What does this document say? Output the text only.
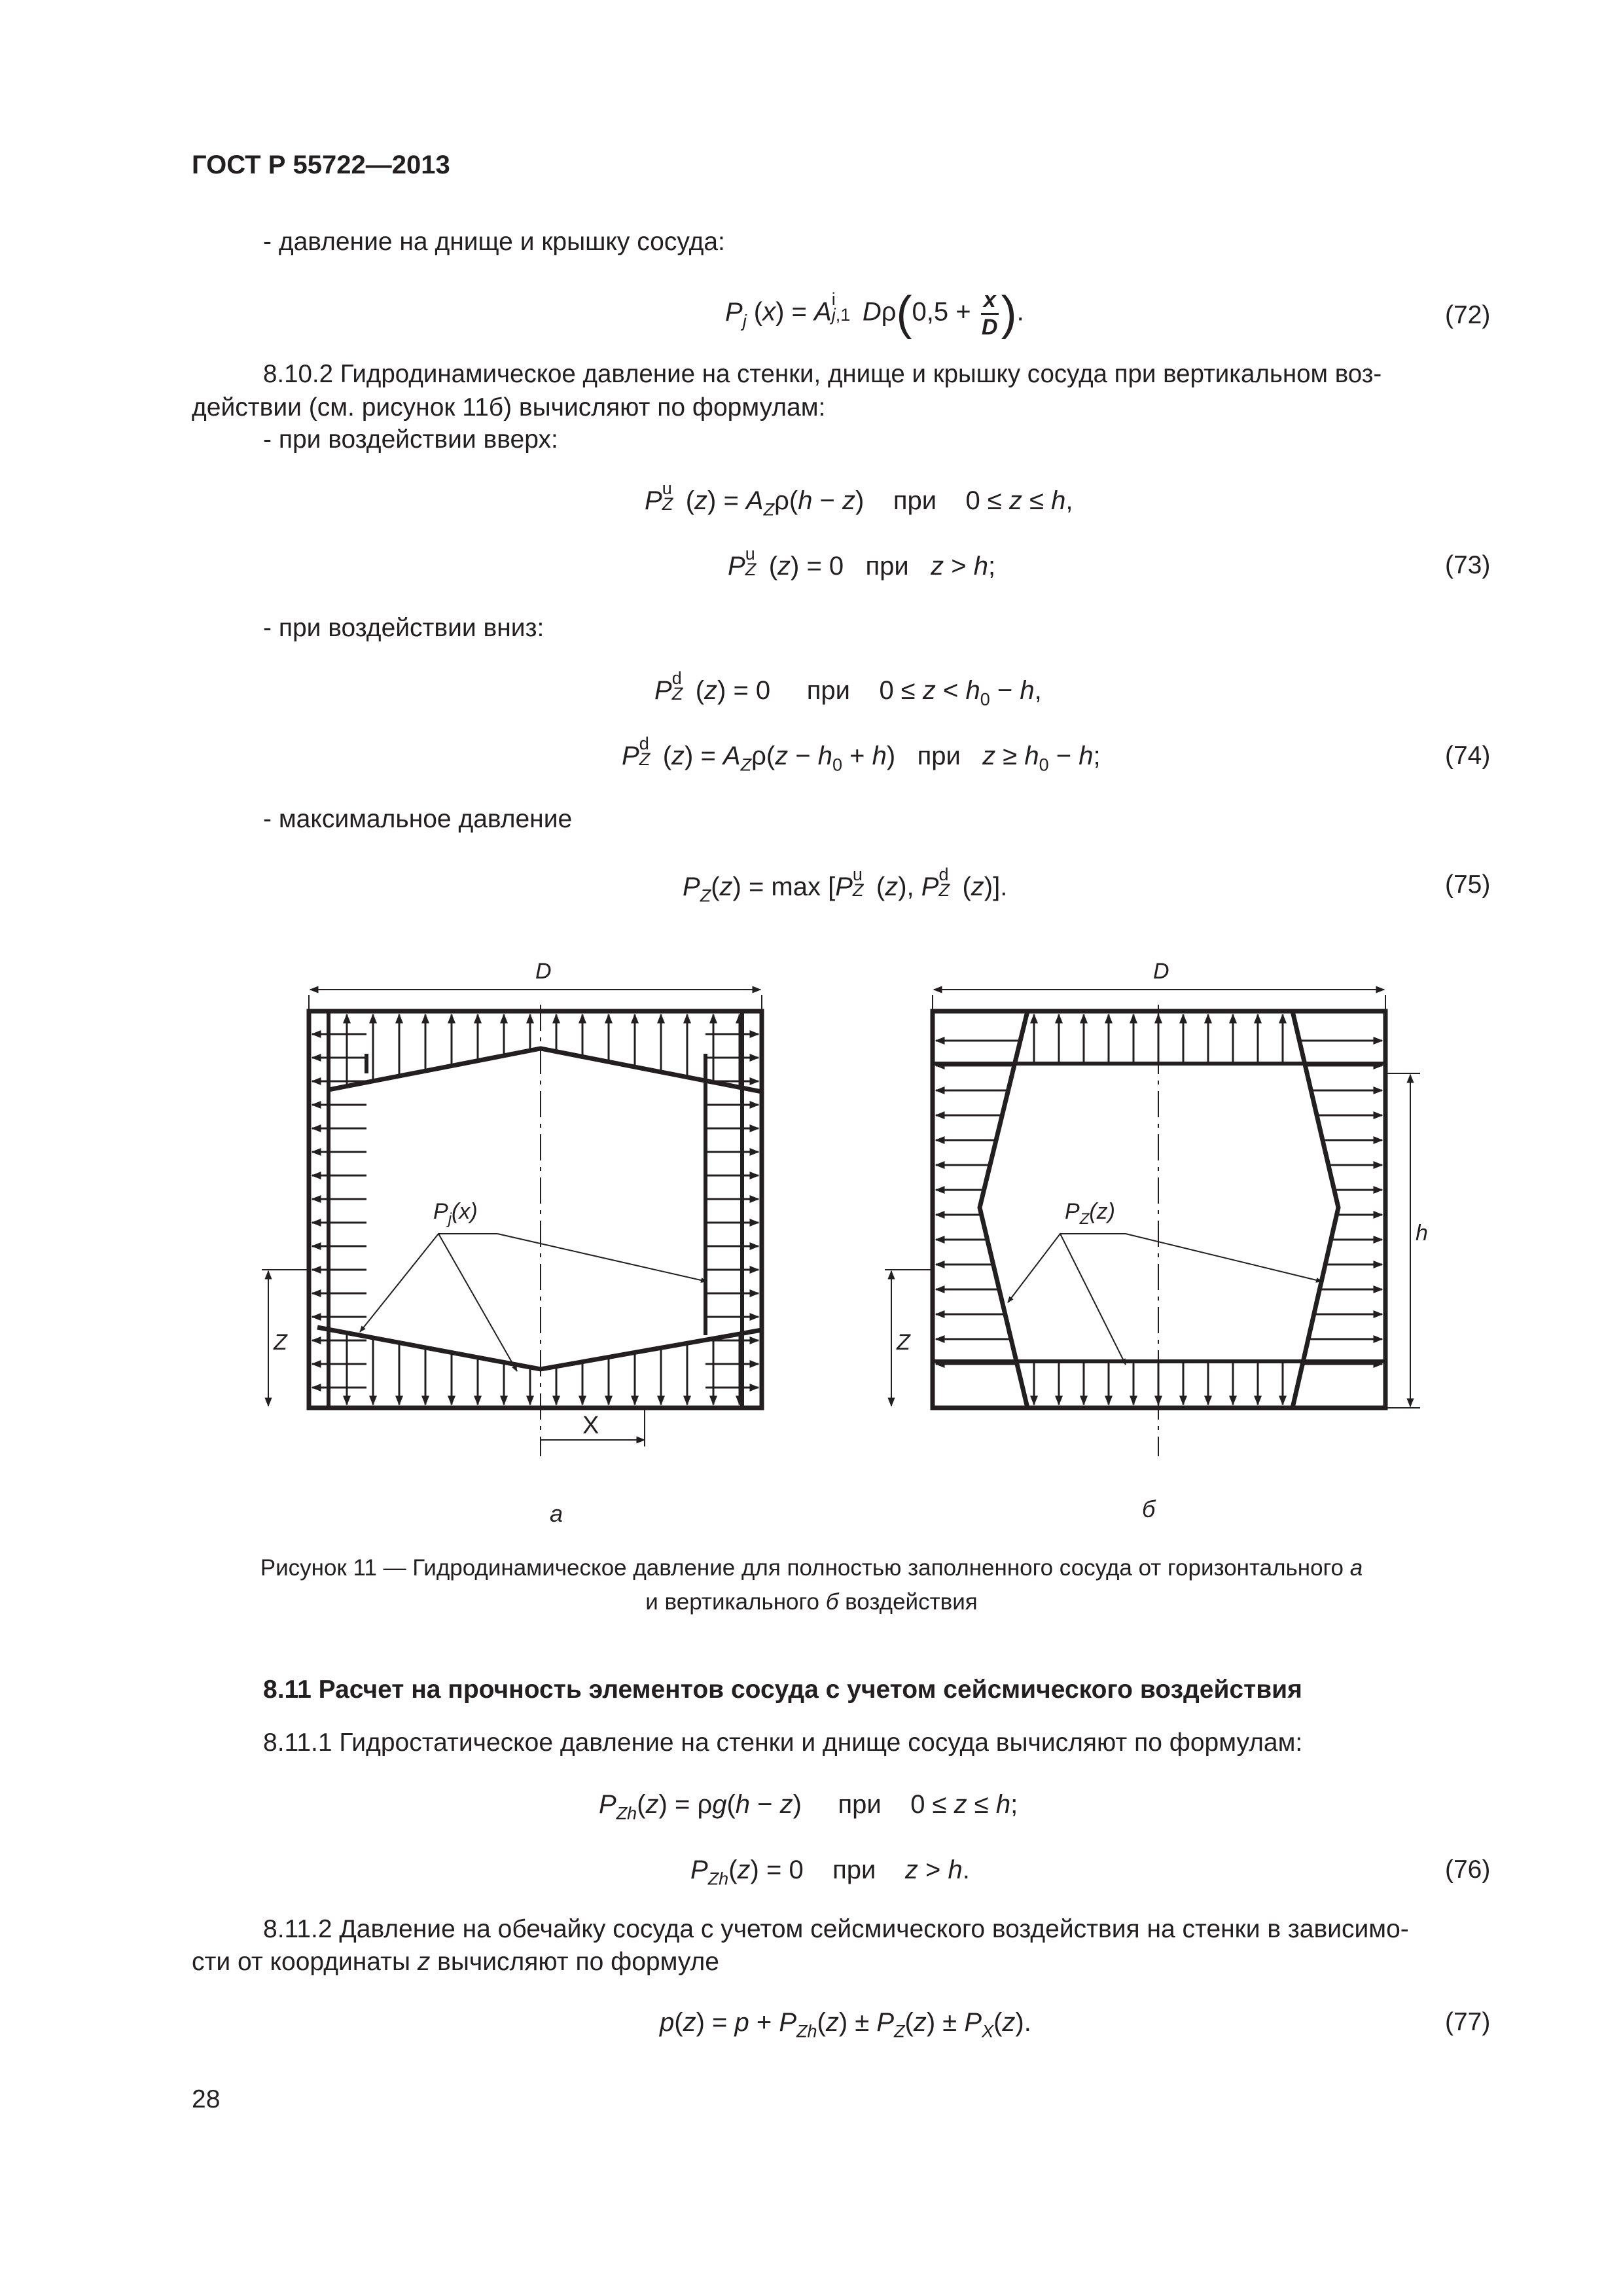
ГОСТ Р 55722—2013
- давление на днище и крышку сосуда:
$P_j$ (x) = A i
j,1 $D\rho(0,5 + \frac{x}{D}$ ).	(72)
8.10.2 Гидродинамическое давление на стенки, днище и крышку сосуда при вертикальном воз-
действии (см. рисунок 11б) вычисляют по формулам:
- при воздействии вверх:
P u
Z $(z) = A_Z\rho(h - z)$    при    0 ≤ z ≤ h,
P u
Z (z) = 0   при z > h;	(73)
- при воздействии вниз:
P d
Z (z) = 0     при    $0 \le z < h_0 - h$,
P d
Z $(z) = A_Z\rho(z - h_0 + h)$   при $z \ge h_0 - h$;	(74)
- максимальное давление
$P_Z(z) = \max [P$ u
Z (z), P d
Z (z)].	(75)
D	D
Z	Z
X
h
$P_j(x)$	$P_Z(z)$
а	б
Рисунок 11 — Гидродинамическое давление для полностью заполненного сосуда от горизонтального а
и вертикального б воздействия
8.11 Расчет на прочность элементов сосуда с учетом сейсмического воздействия
8.11.1 Гидростатическое давление на стенки и днище сосуда вычисляют по формулам:
$P_{Zh}(z) = \rho g(h - z)$     при    0 ≤ z ≤ h;
$P_{Zh}(z) = 0$    при z > h.	(76)
8.11.2 Давление на обечайку сосуда с учетом сейсмического воздействия на стенки в зависимо-
сти от координаты z вычисляют по формуле
$p(z) = p + P_{Zh}(z) \pm P_Z(z) \pm P_X(z)$.	(77)
28
